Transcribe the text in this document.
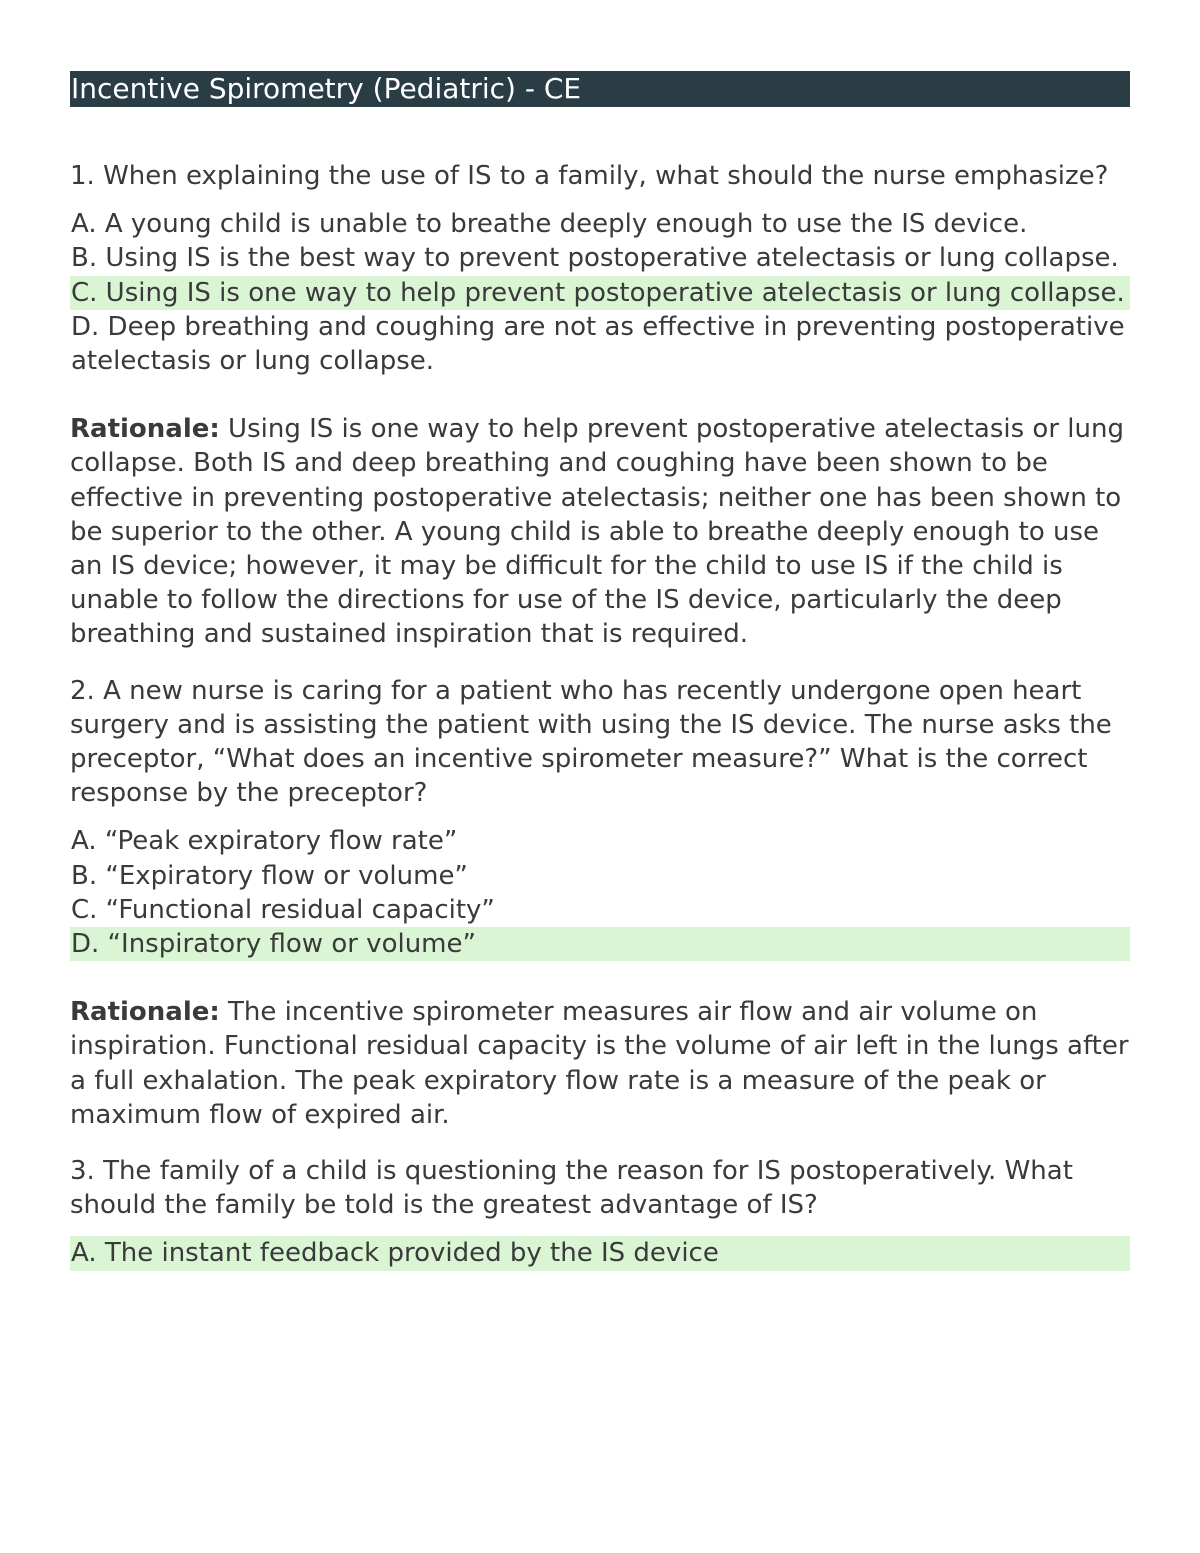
Incentive Spirometry (Pediatric) - CE
1. When explaining the use of IS to a family, what should the nurse emphasize?
A. A young child is unable to breathe deeply enough to use the IS device.
B. Using IS is the best way to prevent postoperative atelectasis or lung collapse.
C. Using IS is one way to help prevent postoperative atelectasis or lung collapse.
D. Deep breathing and coughing are not as effective in preventing postoperative atelectasis or lung collapse.
Rationale: Using IS is one way to help prevent postoperative atelectasis or lung collapse. Both IS and deep breathing and coughing have been shown to be effective in preventing postoperative atelectasis; neither one has been shown to be superior to the other. A young child is able to breathe deeply enough to use an IS device; however, it may be difficult for the child to use IS if the child is unable to follow the directions for use of the IS device, particularly the deep breathing and sustained inspiration that is required.
2. A new nurse is caring for a patient who has recently undergone open heart surgery and is assisting the patient with using the IS device. The nurse asks the preceptor, “What does an incentive spirometer measure?” What is the correct response by the preceptor?
A. “Peak expiratory flow rate”
B. “Expiratory flow or volume”
C. “Functional residual capacity”
D. “Inspiratory flow or volume”
Rationale: The incentive spirometer measures air flow and air volume on inspiration. Functional residual capacity is the volume of air left in the lungs after a full exhalation. The peak expiratory flow rate is a measure of the peak or maximum flow of expired air.
3. The family of a child is questioning the reason for IS postoperatively. What should the family be told is the greatest advantage of IS?
A. The instant feedback provided by the IS device
